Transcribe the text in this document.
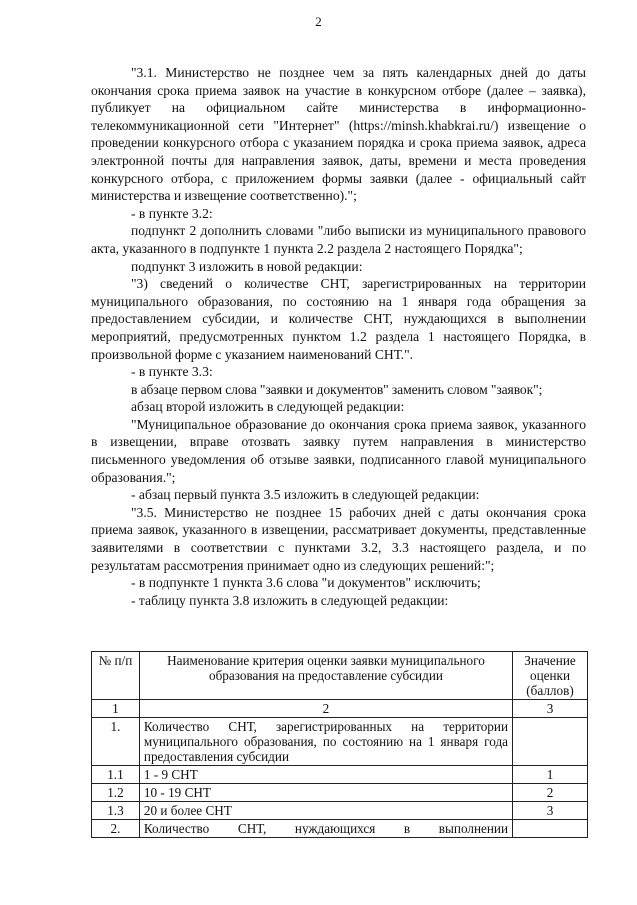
2

"3.1. Министерство не позднее чем за пять календарных дней до даты окончания срока приема заявок на участие в конкурсном отборе (далее – заявка), публикует на официальном сайте министерства в информационно-телекоммуникационной сети "Интернет" (https://minsh.khabkrai.ru/) извещение о проведении конкурсного отбора с указанием порядка и срока приема заявок, адреса электронной почты для направления заявок, даты, времени и места проведения конкурсного отбора, с приложением формы заявки (далее - официальный сайт министерства и извещение соответственно).";

- в пункте 3.2:

подпункт 2 дополнить словами "либо выписки из муниципального правового акта, указанного в подпункте 1 пункта 2.2 раздела 2 настоящего Порядка";

подпункт 3 изложить в новой редакции:

"3) сведений о количестве СНТ, зарегистрированных на территории муниципального образования, по состоянию на 1 января года обращения за предоставлением субсидии, и количестве СНТ, нуждающихся в выполнении мероприятий, предусмотренных пунктом 1.2 раздела 1 настоящего Порядка, в произвольной форме с указанием наименований СНТ.".

- в пункте 3.3:

в абзаце первом слова "заявки и документов" заменить словом "заявок";

абзац второй изложить в следующей редакции:

"Муниципальное образование до окончания срока приема заявок, указанного в извещении, вправе отозвать заявку путем направления в министерство письменного уведомления об отзыве заявки, подписанного главой муниципального образования.";

- абзац первый пункта 3.5 изложить в следующей редакции:

"3.5. Министерство не позднее 15 рабочих дней с даты окончания срока приема заявок, указанного в извещении, рассматривает документы, представленные заявителями в соответствии с пунктами 3.2, 3.3 настоящего раздела, и по результатам рассмотрения принимает одно из следующих решений:";

- в подпункте 1 пункта 3.6 слова "и документов" исключить;

- таблицу пункта 3.8 изложить в следующей редакции:

№ п/п	Наименование критерия оценки заявки муниципального образования на предоставление субсидии	Значение оценки (баллов)
1	2	3
1.	Количество СНТ, зарегистрированных на территории муниципального образования, по состоянию на 1 января года предоставления субсидии	
1.1	1 - 9 СНТ	1
1.2	10 - 19 СНТ	2
1.3	20 и более СНТ	3
2.	Количество СНТ, нуждающихся в выполнении	
